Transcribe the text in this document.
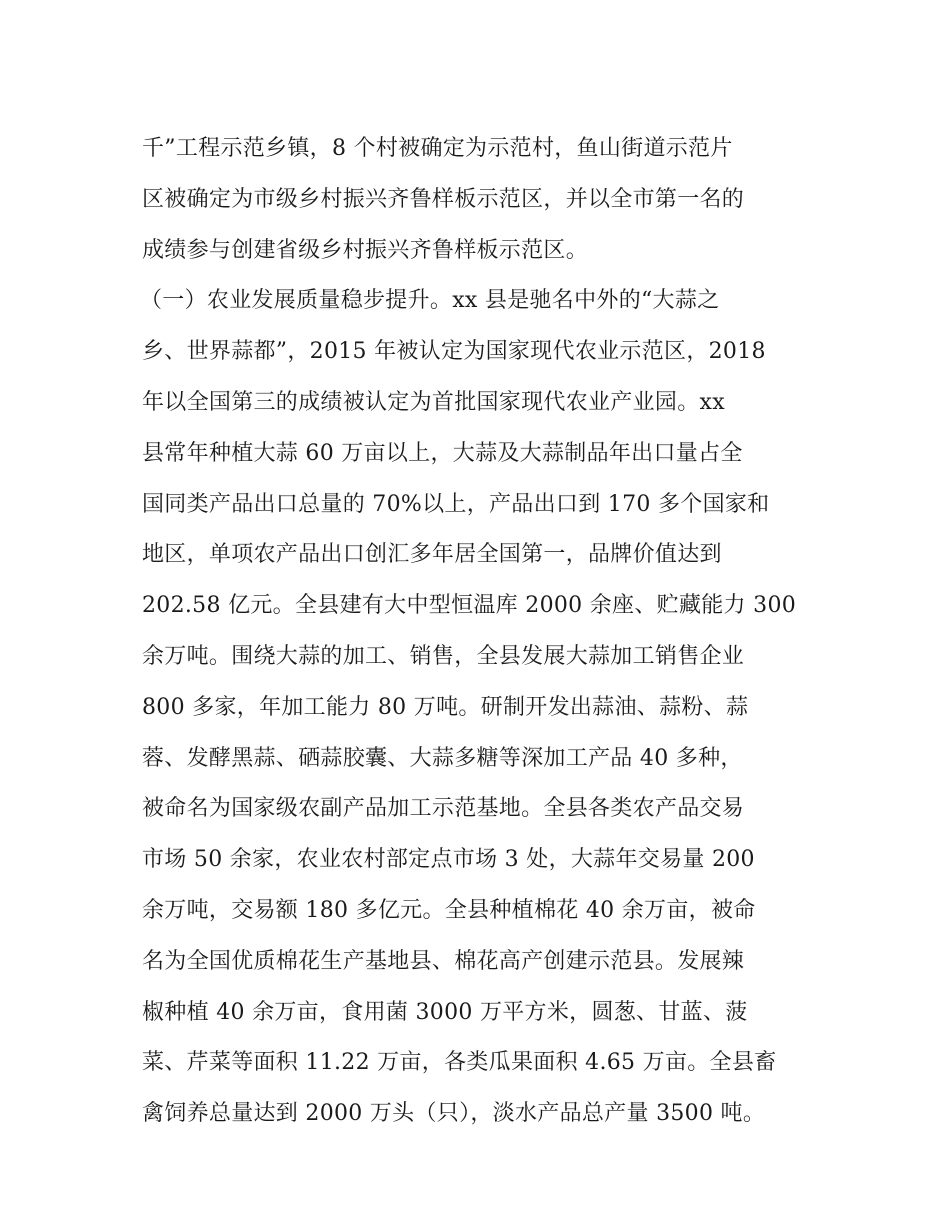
千”工程示范乡镇，8 个村被确定为示范村，鱼山街道示范片
区被确定为市级乡村振兴齐鲁样板示范区，并以全市第一名的
成绩参与创建省级乡村振兴齐鲁样板示范区。
（一）农业发展质量稳步提升。xx 县是驰名中外的“大蒜之
乡、世界蒜都”，2015 年被认定为国家现代农业示范区，2018
年以全国第三的成绩被认定为首批国家现代农业产业园。xx
县常年种植大蒜 60 万亩以上，大蒜及大蒜制品年出口量占全
国同类产品出口总量的 70%以上，产品出口到 170 多个国家和
地区，单项农产品出口创汇多年居全国第一，品牌价值达到
202.58 亿元。全县建有大中型恒温库 2000 余座、贮藏能力 300
余万吨。围绕大蒜的加工、销售，全县发展大蒜加工销售企业
800 多家，年加工能力 80 万吨。研制开发出蒜油、蒜粉、蒜
蓉、发酵黑蒜、硒蒜胶囊、大蒜多糖等深加工产品 40 多种，
被命名为国家级农副产品加工示范基地。全县各类农产品交易
市场 50 余家，农业农村部定点市场 3 处，大蒜年交易量 200
余万吨，交易额 180 多亿元。全县种植棉花 40 余万亩，被命
名为全国优质棉花生产基地县、棉花高产创建示范县。发展辣
椒种植 40 余万亩，食用菌 3000 万平方米，圆葱、甘蓝、菠
菜、芹菜等面积 11.22 万亩，各类瓜果面积 4.65 万亩。全县畜
禽饲养总量达到 2000 万头（只），淡水产品总产量 3500 吨。
